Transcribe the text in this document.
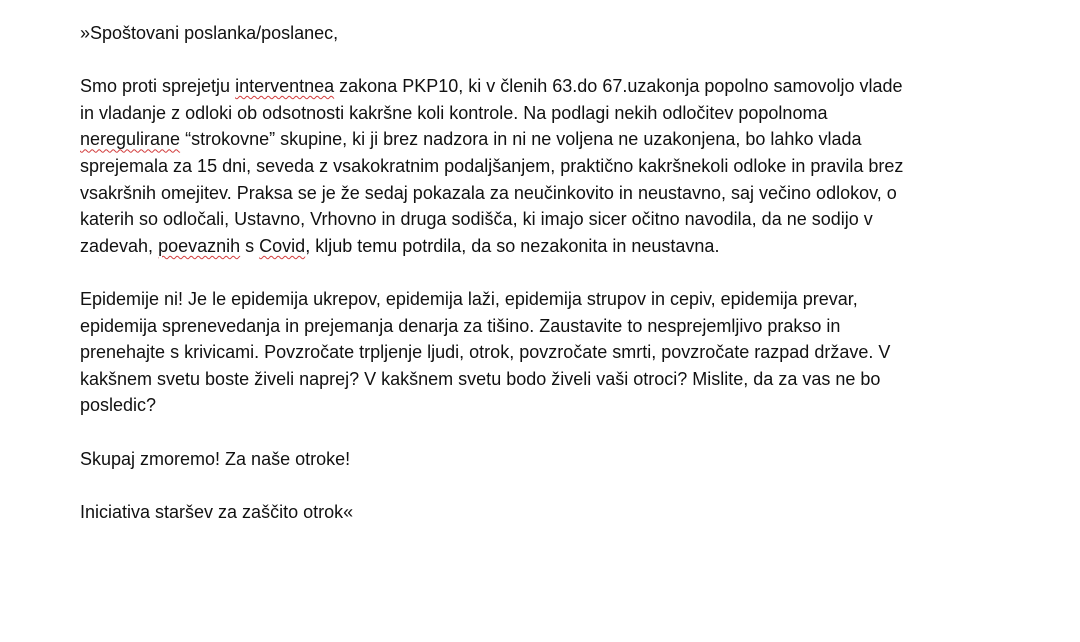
»Spoštovani poslanka/poslanec,

Smo proti sprejetju interventnea zakona PKP10, ki v členih 63.do 67.uzakonja popolno samovoljo vlade
in vladanje z odloki ob odsotnosti kakršne koli kontrole. Na podlagi nekih odločitev popolnoma
neregulirane “strokovne” skupine, ki ji brez nadzora in ni ne voljena ne uzakonjena, bo lahko vlada
sprejemala za 15 dni, seveda z vsakokratnim podaljšanjem, praktično kakršnekoli odloke in pravila brez
vsakršnih omejitev. Praksa se je že sedaj pokazala za neučinkovito in neustavno, saj večino odlokov, o
katerih so odločali, Ustavno, Vrhovno in druga sodišča, ki imajo sicer očitno navodila, da ne sodijo v
zadevah, poevaznih s Covid, kljub temu potrdila, da so nezakonita in neustavna.

Epidemije ni! Je le epidemija ukrepov, epidemija laži, epidemija strupov in cepiv, epidemija prevar,
epidemija sprenevedanja in prejemanja denarja za tišino. Zaustavite to nesprejemljivo prakso in
prenehajte s krivicami. Povzročate trpljenje ljudi, otrok, povzročate smrti, povzročate razpad države. V
kakšnem svetu boste živeli naprej? V kakšnem svetu bodo živeli vaši otroci? Mislite, da za vas ne bo
posledic?

Skupaj zmoremo! Za naše otroke!

Iniciativa staršev za zaščito otrok«
